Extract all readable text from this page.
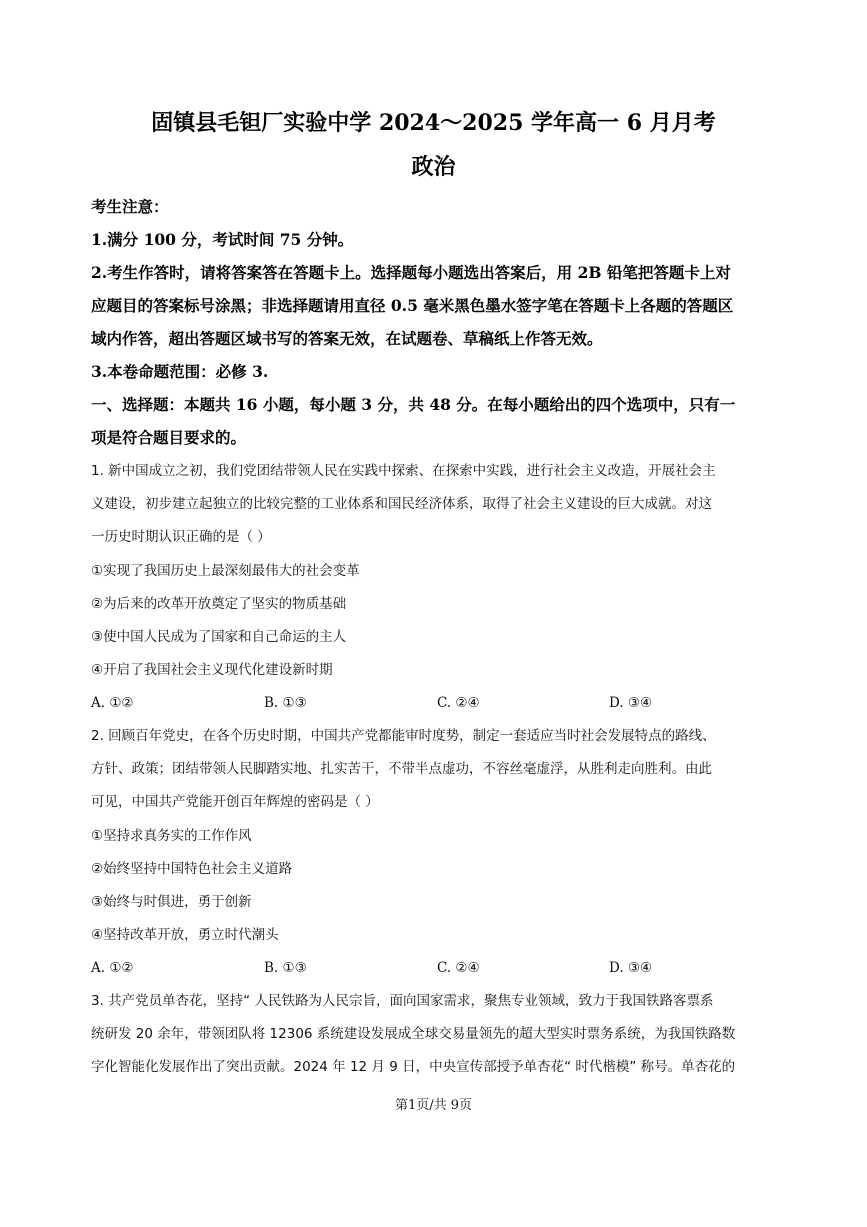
固镇县毛钽厂实验中学 2024～2025 学年高一 6 月月考
政治
考生注意：
1.满分 100 分，考试时间 75 分钟。
2.考生作答时，请将答案答在答题卡上。选择题每小题选出答案后，用 2B 铅笔把答题卡上对
应题目的答案标号涂黑；非选择题请用直径 0.5 毫米黑色墨水签字笔在答题卡上各题的答题区
域内作答，超出答题区域书写的答案无效，在试题卷、草稿纸上作答无效。
3.本卷命题范围：必修 3.
一、选择题：本题共 16 小题，每小题 3 分，共 48 分。在每小题给出的四个选项中，只有一
项是符合题目要求的。
1. 新中国成立之初，我们党团结带领人民在实践中探索、在探索中实践，进行社会主义改造，开展社会主
义建设，初步建立起独立的比较完整的工业体系和国民经济体系，取得了社会主义建设的巨大成就。对这
一历史时期认识正确的是（ ）
①实现了我国历史上最深刻最伟大的社会变革
②为后来的改革开放奠定了坚实的物质基础
③使中国人民成为了国家和自己命运的主人
④开启了我国社会主义现代化建设新时期
A. ①②	B. ①③	C. ②④	D. ③④
2. 回顾百年党史，在各个历史时期，中国共产党都能审时度势，制定一套适应当时社会发展特点的路线、
方针、政策；团结带领人民脚踏实地、扎实苦干，不带半点虚功，不容丝毫虚浮，从胜利走向胜利。由此
可见，中国共产党能开创百年辉煌的密码是（ ）
①坚持求真务实的工作作风
②始终坚持中国特色社会主义道路
③始终与时俱进，勇于创新
④坚持改革开放，勇立时代潮头
A. ①②	B. ①③	C. ②④	D. ③④
3. 共产党员单杏花，坚持“ 人民铁路为人民宗旨，面向国家需求，聚焦专业领域，致力于我国铁路客票系
统研发 20 余年，带领团队将 12306 系统建设发展成全球交易量领先的超大型实时票务系统，为我国铁路数
字化智能化发展作出了突出贡献。2024 年 12 月 9 日，中央宣传部授予单杏花“ 时代楷模” 称号。单杏花的
第1页/共 9页
